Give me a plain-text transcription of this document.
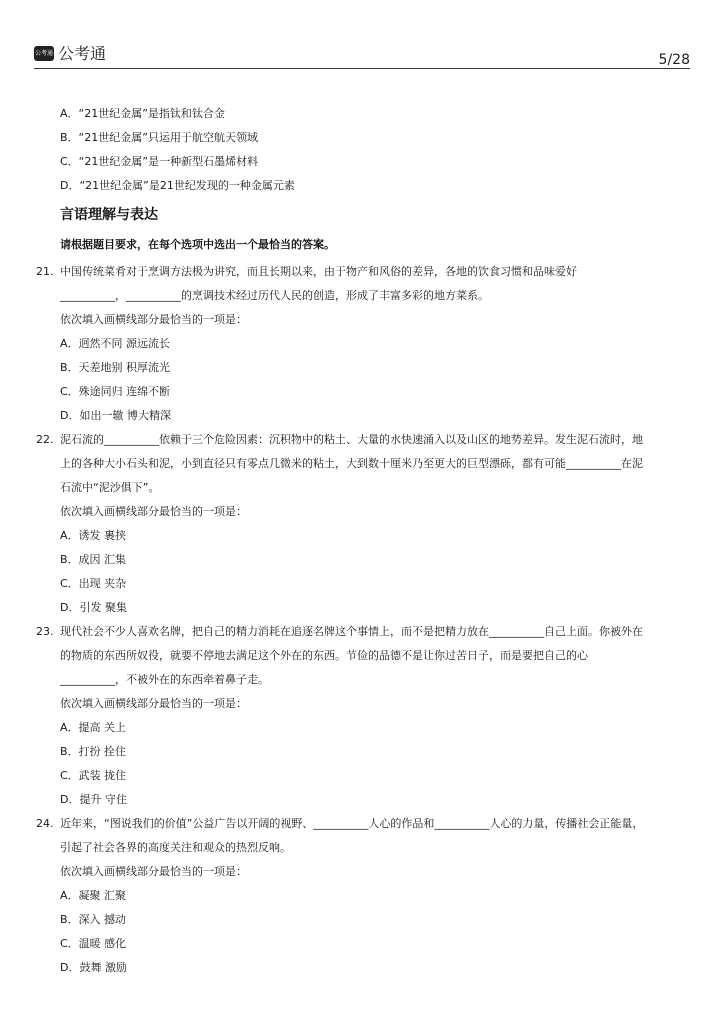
公考通 公考通	5/28
A．“21世纪金属”是指钛和钛合金
B．“21世纪金属”只运用于航空航天领域
C．“21世纪金属”是一种新型石墨烯材料
D．“21世纪金属”是21世纪发现的一种金属元素
言语理解与表达
请根据题目要求，在每个选项中选出一个最恰当的答案。
21. 中国传统菜肴对于烹调方法极为讲究，而且长期以来，由于物产和风俗的差异，各地的饮食习惯和品味爱好
__________，__________的烹调技术经过历代人民的创造，形成了丰富多彩的地方菜系。
依次填入画横线部分最恰当的一项是：
A．迥然不同 源远流长
B．天差地别 积厚流光
C．殊途同归 连绵不断
D．如出一辙 博大精深
22. 泥石流的__________依赖于三个危险因素：沉积物中的粘土、大量的水快速涌入以及山区的地势差异。发生泥石流时，地
上的各种大小石头和泥，小到直径只有零点几微米的粘土，大到数十厘米乃至更大的巨型漂砾，都有可能__________在泥
石流中“泥沙俱下”。
依次填入画横线部分最恰当的一项是：
A．诱发 裹挟
B．成因 汇集
C．出现 夹杂
D．引发 聚集
23. 现代社会不少人喜欢名牌，把自己的精力消耗在追逐名牌这个事情上，而不是把精力放在__________自己上面。你被外在
的物质的东西所奴役，就要不停地去满足这个外在的东西。节俭的品德不是让你过苦日子，而是要把自己的心
__________，不被外在的东西牵着鼻子走。
依次填入画横线部分最恰当的一项是：
A．提高 关上
B．打扮 拴住
C．武装 拢住
D．提升 守住
24. 近年来，“图说我们的价值”公益广告以开阔的视野、__________人心的作品和__________人心的力量，传播社会正能量，
引起了社会各界的高度关注和观众的热烈反响。
依次填入画横线部分最恰当的一项是：
A．凝聚 汇聚
B．深入 撼动
C．温暖 感化
D．鼓舞 激励
